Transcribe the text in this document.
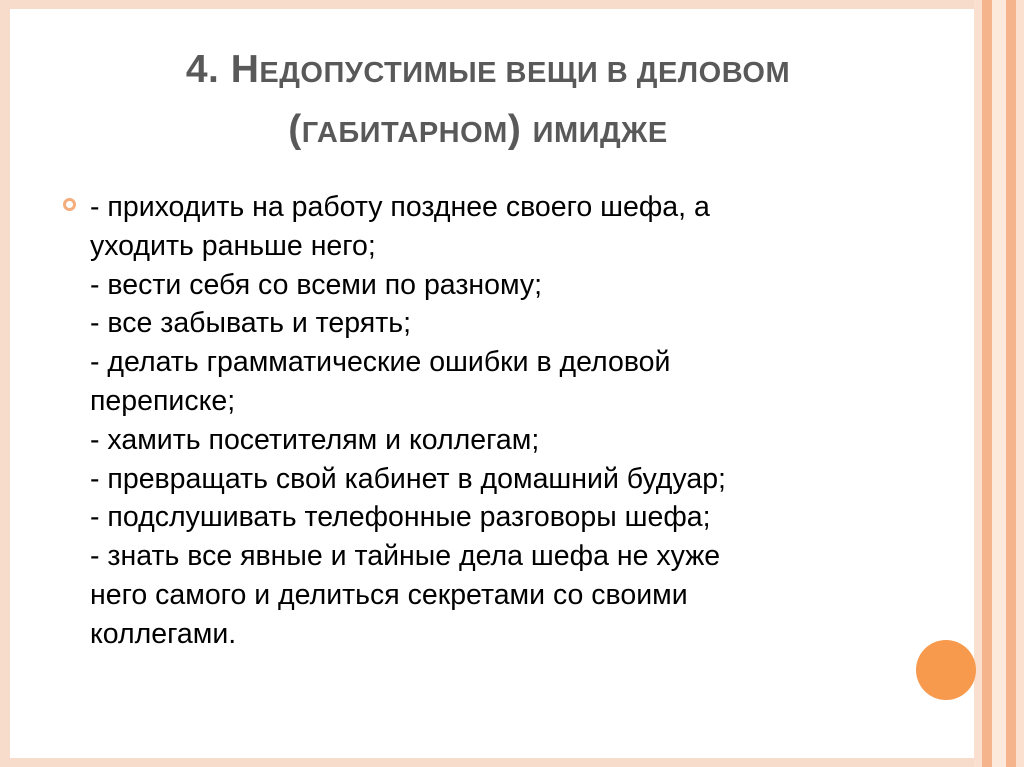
4. НЕДОПУСТИМЫЕ ВЕЩИ В ДЕЛОВОМ
(ГАБИТАРНОМ) ИМИДЖЕ
- приходить на работу позднее своего шефа, а
уходить раньше него;
- вести себя со всеми по разному;
- все забывать и терять;
- делать грамматические ошибки в деловой
переписке;
- хамить посетителям и коллегам;
- превращать свой кабинет в домашний будуар;
- подслушивать телефонные разговоры шефа;
- знать все явные и тайные дела шефа не хуже
него самого и делиться секретами со своими
коллегами.
